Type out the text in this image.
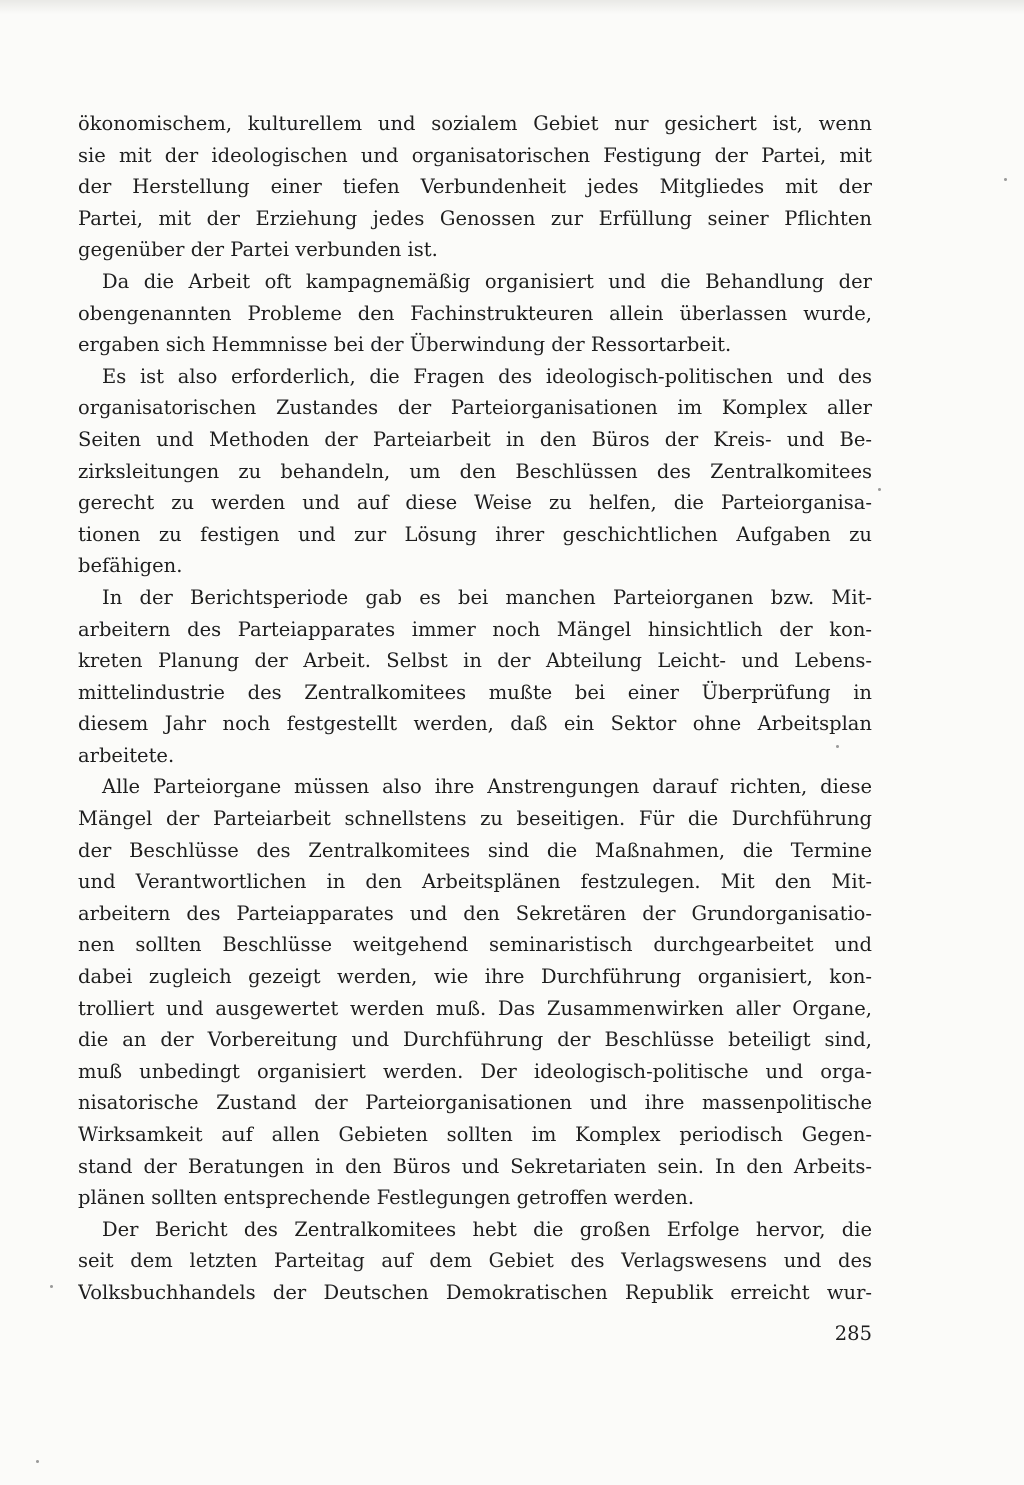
ökonomischem, kulturellem und sozialem Gebiet nur gesichert ist, wenn
sie mit der ideologischen und organisatorischen Festigung der Partei, mit
der Herstellung einer tiefen Verbundenheit jedes Mitgliedes mit der
Partei, mit der Erziehung jedes Genossen zur Erfüllung seiner Pflichten
gegenüber der Partei verbunden ist.
Da die Arbeit oft kampagnemäßig organisiert und die Behandlung der
obengenannten Probleme den Fachinstrukteuren allein überlassen wurde,
ergaben sich Hemmnisse bei der Überwindung der Ressortarbeit.
Es ist also erforderlich, die Fragen des ideologisch-politischen und des
organisatorischen Zustandes der Parteiorganisationen im Komplex aller
Seiten und Methoden der Parteiarbeit in den Büros der Kreis- und Be-
zirksleitungen zu behandeln, um den Beschlüssen des Zentralkomitees
gerecht zu werden und auf diese Weise zu helfen, die Parteiorganisa-
tionen zu festigen und zur Lösung ihrer geschichtlichen Aufgaben zu
befähigen.
In der Berichtsperiode gab es bei manchen Parteiorganen bzw. Mit-
arbeitern des Parteiapparates immer noch Mängel hinsichtlich der kon-
kreten Planung der Arbeit. Selbst in der Abteilung Leicht- und Lebens-
mittelindustrie des Zentralkomitees mußte bei einer Überprüfung in
diesem Jahr noch festgestellt werden, daß ein Sektor ohne Arbeitsplan
arbeitete.
Alle Parteiorgane müssen also ihre Anstrengungen darauf richten, diese
Mängel der Parteiarbeit schnellstens zu beseitigen. Für die Durchführung
der Beschlüsse des Zentralkomitees sind die Maßnahmen, die Termine
und Verantwortlichen in den Arbeitsplänen festzulegen. Mit den Mit-
arbeitern des Parteiapparates und den Sekretären der Grundorganisatio-
nen sollten Beschlüsse weitgehend seminaristisch durchgearbeitet und
dabei zugleich gezeigt werden, wie ihre Durchführung organisiert, kon-
trolliert und ausgewertet werden muß. Das Zusammenwirken aller Organe,
die an der Vorbereitung und Durchführung der Beschlüsse beteiligt sind,
muß unbedingt organisiert werden. Der ideologisch-politische und orga-
nisatorische Zustand der Parteiorganisationen und ihre massenpolitische
Wirksamkeit auf allen Gebieten sollten im Komplex periodisch Gegen-
stand der Beratungen in den Büros und Sekretariaten sein. In den Arbeits-
plänen sollten entsprechende Festlegungen getroffen werden.
Der Bericht des Zentralkomitees hebt die großen Erfolge hervor, die
seit dem letzten Parteitag auf dem Gebiet des Verlagswesens und des
Volksbuchhandels der Deutschen Demokratischen Republik erreicht wur-
285
